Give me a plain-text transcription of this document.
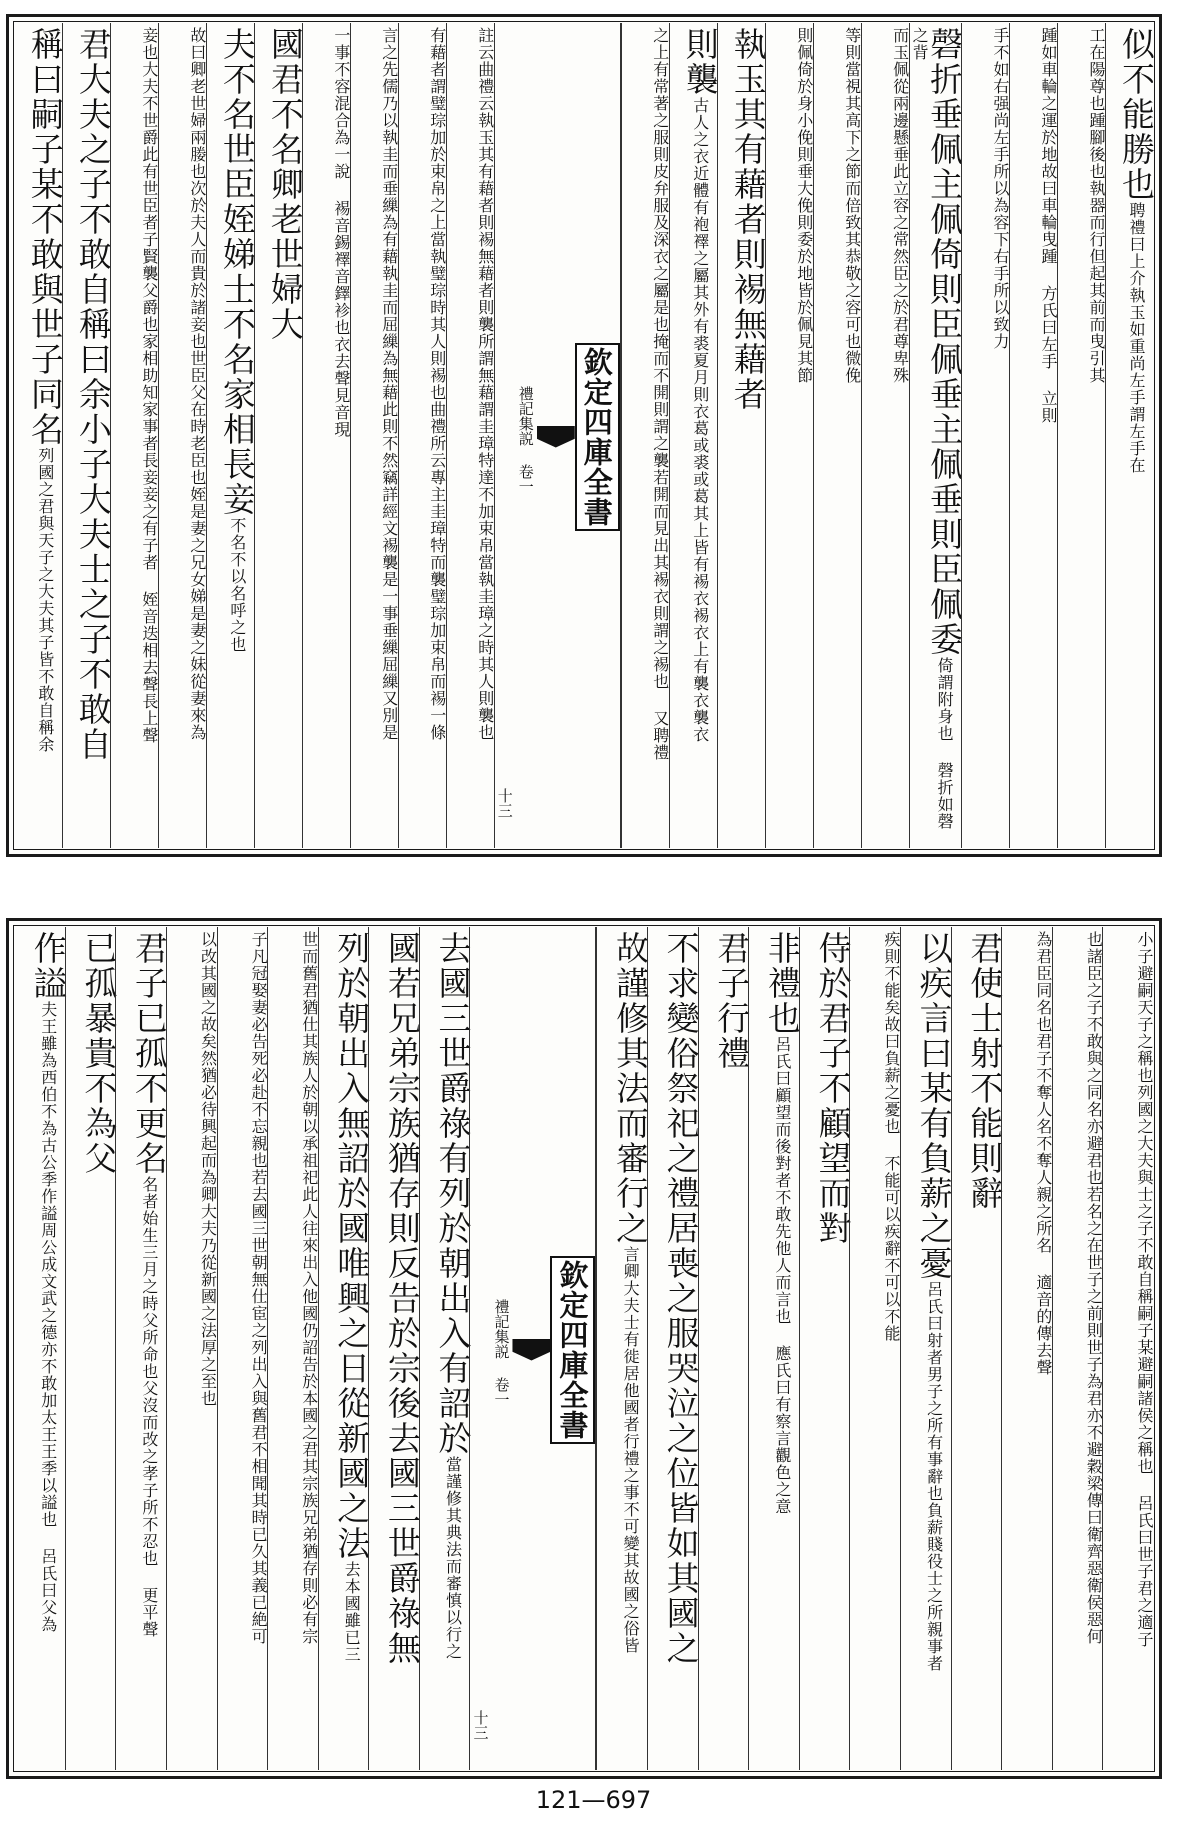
似不能勝也聘禮曰上介執玉如重尚左手謂左手在
工在陽尊也踵腳後也執器而行但起其前而曳引其
踵如車輪之運於地故曰車輪曳踵 方氏曰左手 立則
手不如右强尚左手所以為容下右手所以致力
磬折垂佩主佩倚則臣佩垂主佩垂則臣佩委倚謂附身也 磬折如磬之背
而玉佩從兩邊懸垂此立容之常然臣之於君尊卑殊
等則當視其高下之節而倍致其恭敬之容可也微俛
則佩倚於身小俛則垂大俛則委於地皆於佩見其節
執玉其有藉者則裼無藉者
則襲古人之衣近體有袍襗之屬其外有裘夏月則衣葛或裘或葛其上皆有裼衣裼衣上有襲衣襲衣
之上有常著之服則皮弁服及深衣之屬是也掩而不開則謂之襲若開而見出其裼衣則謂之裼也 又聘禮
欽定四庫全書
禮記集説 卷一
十三
註云曲禮云執玉其有藉者則裼無藉者則襲所謂無藉謂圭璋特達不加束帛當執圭璋之時其人則襲也
有藉者謂璧琮加於束帛之上當執璧琮時其人則裼也曲禮所云專主圭璋特而襲璧琮加束帛而裼一條
言之先儒乃以執圭而垂繅為有藉執圭而屈繅為無藉此則不然竊詳經文裼襲是一事垂繅屈繅又別是
一事不容混合為一說 裼音錫襗音鐸袗也衣去聲見音現
國君不名卿老世婦大
夫不名世臣姪娣士不名家相長妾不名不以名呼之也
故曰卿老世婦兩媵也次於夫人而貴於諸妾也世臣父在時老臣也姪是妻之兄女娣是妻之妹從妻來為
妾也大夫不世爵此有世臣者子賢襲父爵也家相助知家事者長妾妾之有子者 姪音迭相去聲長上聲
君大夫之子不敢自稱曰余小子大夫士之子不敢自
稱曰嗣子某不敢與世子同名列國之君與天子之大夫其子皆不敢自稱余
小子避嗣天子之稱也列國之大夫與士之子不敢自稱嗣子某避嗣諸侯之稱也 呂氏曰世子君之適子
也諸臣之子不敢與之同名亦避君也若名之在世子之前則世子為君亦不避穀梁傳曰衛齊惡衛侯惡何
為君臣同名也君子不奪人名不奪人親之所名 適音的傳去聲
君使士射不能則辭
以疾言曰某有負薪之憂呂氏曰射者男子之所有事辭也負薪賤役士之所親事者
疾則不能矣故曰負薪之憂也 不能可以疾辭不可以不能
侍於君子不顧望而對
非禮也呂氏曰顧望而後對者不敢先他人而言也 應氏曰有察言觀色之意
君子行禮
不求變俗祭祀之禮居喪之服哭泣之位皆如其國之
故謹修其法而審行之言卿大夫士有徙居他國者行禮之事不可變其故國之俗皆
欽定四庫全書
禮記集説 卷一
十三
去國三世爵祿有列於朝出入有詔於當謹修其典法而審慎以行之
國若兄弟宗族猶存則反告於宗後去國三世爵祿無
列於朝出入無詔於國唯興之日從新國之法去本國雖已三
世而舊君猶仕其族人於朝以承祖祀此人往來出入他國仍詔告於本國之君其宗族兄弟猶存則必有宗
子凡冠娶妻必告死必赴不忘親也若去國三世朝無仕宦之列出入與舊君不相聞其時已久其義已絶可
以改其國之故矣然猶必待興起而為卿大夫乃從新國之法厚之至也
君子已孤不更名名者始生三月之時父所命也父沒而改之孝子所不忍也 更平聲
已孤暴貴不為父
作謚夫王雖為西伯不為古公季作謚周公成文武之德亦不敢加太王王季以謚也 呂氏曰父為
121—697
